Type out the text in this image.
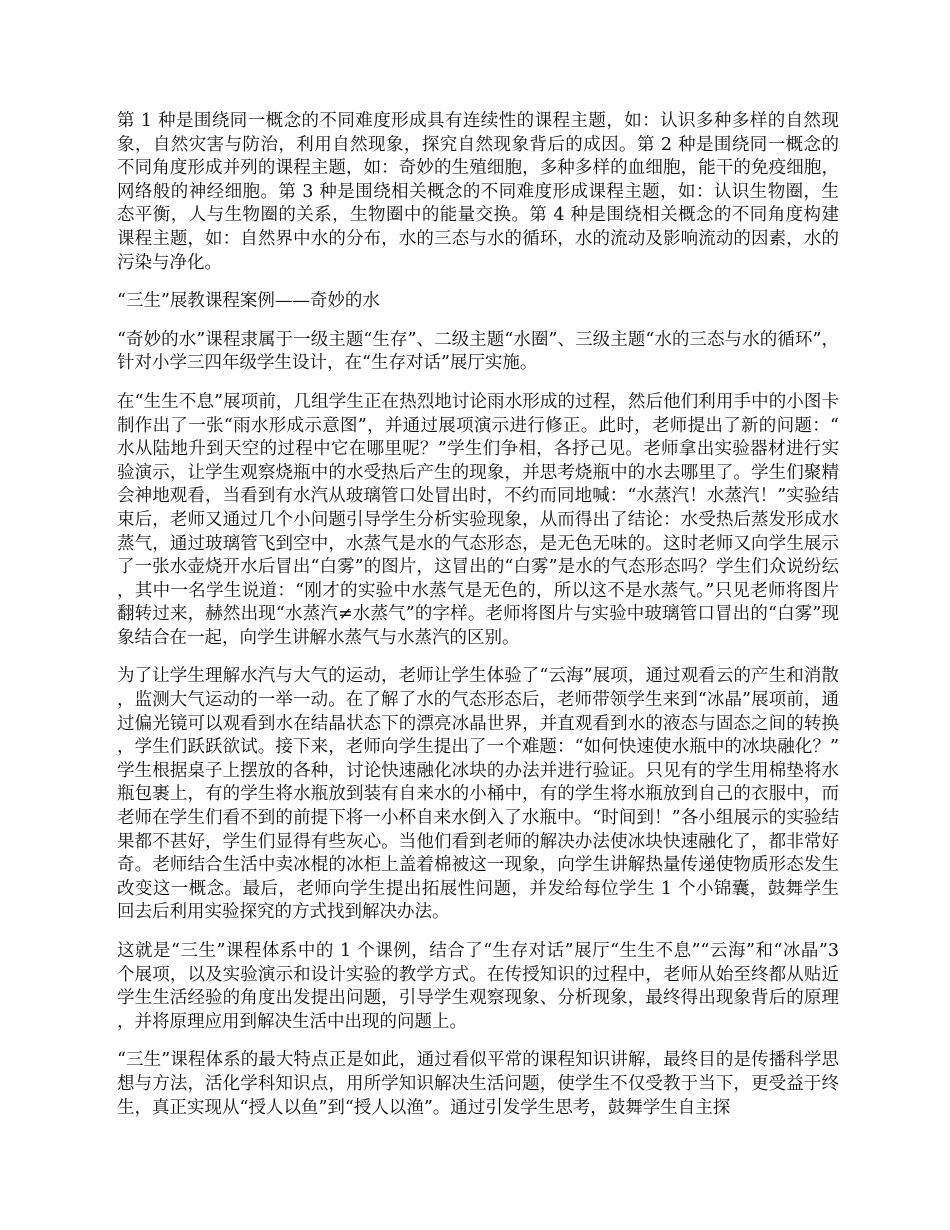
第 1 种是围绕同一概念的不同难度形成具有连续性的课程主题，如：认识多种多样的自然现象，自然灾害与防治，利用自然现象，探究自然现象背后的成因。第 2 种是围绕同一概念的不同角度形成并列的课程主题，如：奇妙的生殖细胞，多种多样的血细胞，能干的免疫细胞，网络般的神经细胞。第 3 种是围绕相关概念的不同难度形成课程主题，如：认识生物圈，生态平衡，人与生物圈的关系，生物圈中的能量交换。第 4 种是围绕相关概念的不同角度构建课程主题，如：自然界中水的分布，水的三态与水的循环，水的流动及影响流动的因素，水的污染与净化。

“三生”展教课程案例——奇妙的水

“奇妙的水”课程隶属于一级主题“生存”、二级主题“水圈”、三级主题“水的三态与水的循环”，针对小学三四年级学生设计，在“生存对话”展厅实施。

在“生生不息”展项前，几组学生正在热烈地讨论雨水形成的过程，然后他们利用手中的小图卡制作出了一张“雨水形成示意图”，并通过展项演示进行修正。此时，老师提出了新的问题：“水从陆地升到天空的过程中它在哪里呢？”学生们争相，各抒己见。老师拿出实验器材进行实验演示，让学生观察烧瓶中的水受热后产生的现象，并思考烧瓶中的水去哪里了。学生们聚精会神地观看，当看到有水汽从玻璃管口处冒出时，不约而同地喊：“水蒸汽！水蒸汽！”实验结束后，老师又通过几个小问题引导学生分析实验现象，从而得出了结论：水受热后蒸发形成水蒸气，通过玻璃管飞到空中，水蒸气是水的气态形态，是无色无味的。这时老师又向学生展示了一张水壶烧开水后冒出“白雾”的图片，这冒出的“白雾”是水的气态形态吗？学生们众说纷纭，其中一名学生说道：“刚才的实验中水蒸气是无色的，所以这不是水蒸气。”只见老师将图片翻转过来，赫然出现“水蒸汽≠水蒸气”的字样。老师将图片与实验中玻璃管口冒出的“白雾”现象结合在一起，向学生讲解水蒸气与水蒸汽的区别。

为了让学生理解水汽与大气的运动，老师让学生体验了“云海”展项，通过观看云的产生和消散，监测大气运动的一举一动。在了解了水的气态形态后，老师带领学生来到“冰晶”展项前，通过偏光镜可以观看到水在结晶状态下的漂亮冰晶世界，并直观看到水的液态与固态之间的转换，学生们跃跃欲试。接下来，老师向学生提出了一个难题：“如何快速使水瓶中的冰块融化？”学生根据桌子上摆放的各种，讨论快速融化冰块的办法并进行验证。只见有的学生用棉垫将水瓶包裹上，有的学生将水瓶放到装有自来水的小桶中，有的学生将水瓶放到自己的衣服中，而老师在学生们看不到的前提下将一小杯自来水倒入了水瓶中。“时间到！”各小组展示的实验结果都不甚好，学生们显得有些灰心。当他们看到老师的解决办法使冰块快速融化了，都非常好奇。老师结合生活中卖冰棍的冰柜上盖着棉被这一现象，向学生讲解热量传递使物质形态发生改变这一概念。最后，老师向学生提出拓展性问题，并发给每位学生 1 个小锦囊，鼓舞学生回去后利用实验探究的方式找到解决办法。

这就是“三生”课程体系中的 1 个课例，结合了“生存对话”展厅“生生不息”“云海”和“冰晶”3 个展项，以及实验演示和设计实验的教学方式。在传授知识的过程中，老师从始至终都从贴近学生生活经验的角度出发提出问题，引导学生观察现象、分析现象，最终得出现象背后的原理，并将原理应用到解决生活中出现的问题上。

“三生”课程体系的最大特点正是如此，通过看似平常的课程知识讲解，最终目的是传播科学思想与方法，活化学科知识点，用所学知识解决生活问题，使学生不仅受教于当下，更受益于终生，真正实现从“授人以鱼”到“授人以渔”。通过引发学生思考，鼓舞学生自主探
